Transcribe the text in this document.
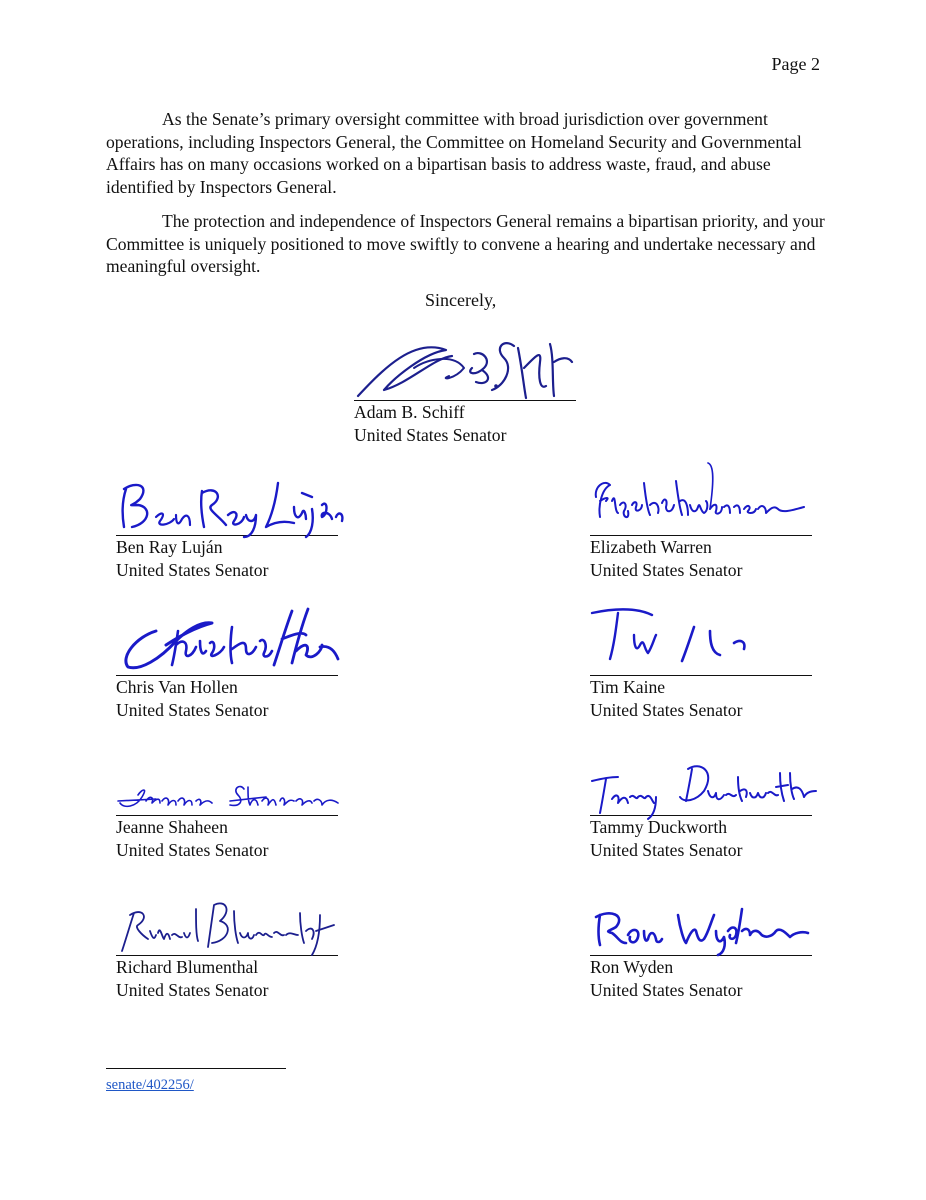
Page 2

As the Senate’s primary oversight committee with broad jurisdiction over government operations, including Inspectors General, the Committee on Homeland Security and Governmental Affairs has on many occasions worked on a bipartisan basis to address waste, fraud, and abuse identified by Inspectors General.

The protection and independence of Inspectors General remains a bipartisan priority, and your Committee is uniquely positioned to move swiftly to convene a hearing and undertake necessary and meaningful oversight.

Sincerely,
Adam B. Schiff
United States Senator
Ben Ray Luján
United States Senator
Elizabeth Warren
United States Senator
Chris Van Hollen
United States Senator
Tim Kaine
United States Senator
Jeanne Shaheen
United States Senator
Tammy Duckworth
United States Senator
Richard Blumenthal
United States Senator
Ron Wyden
United States Senator
senate/402256/
